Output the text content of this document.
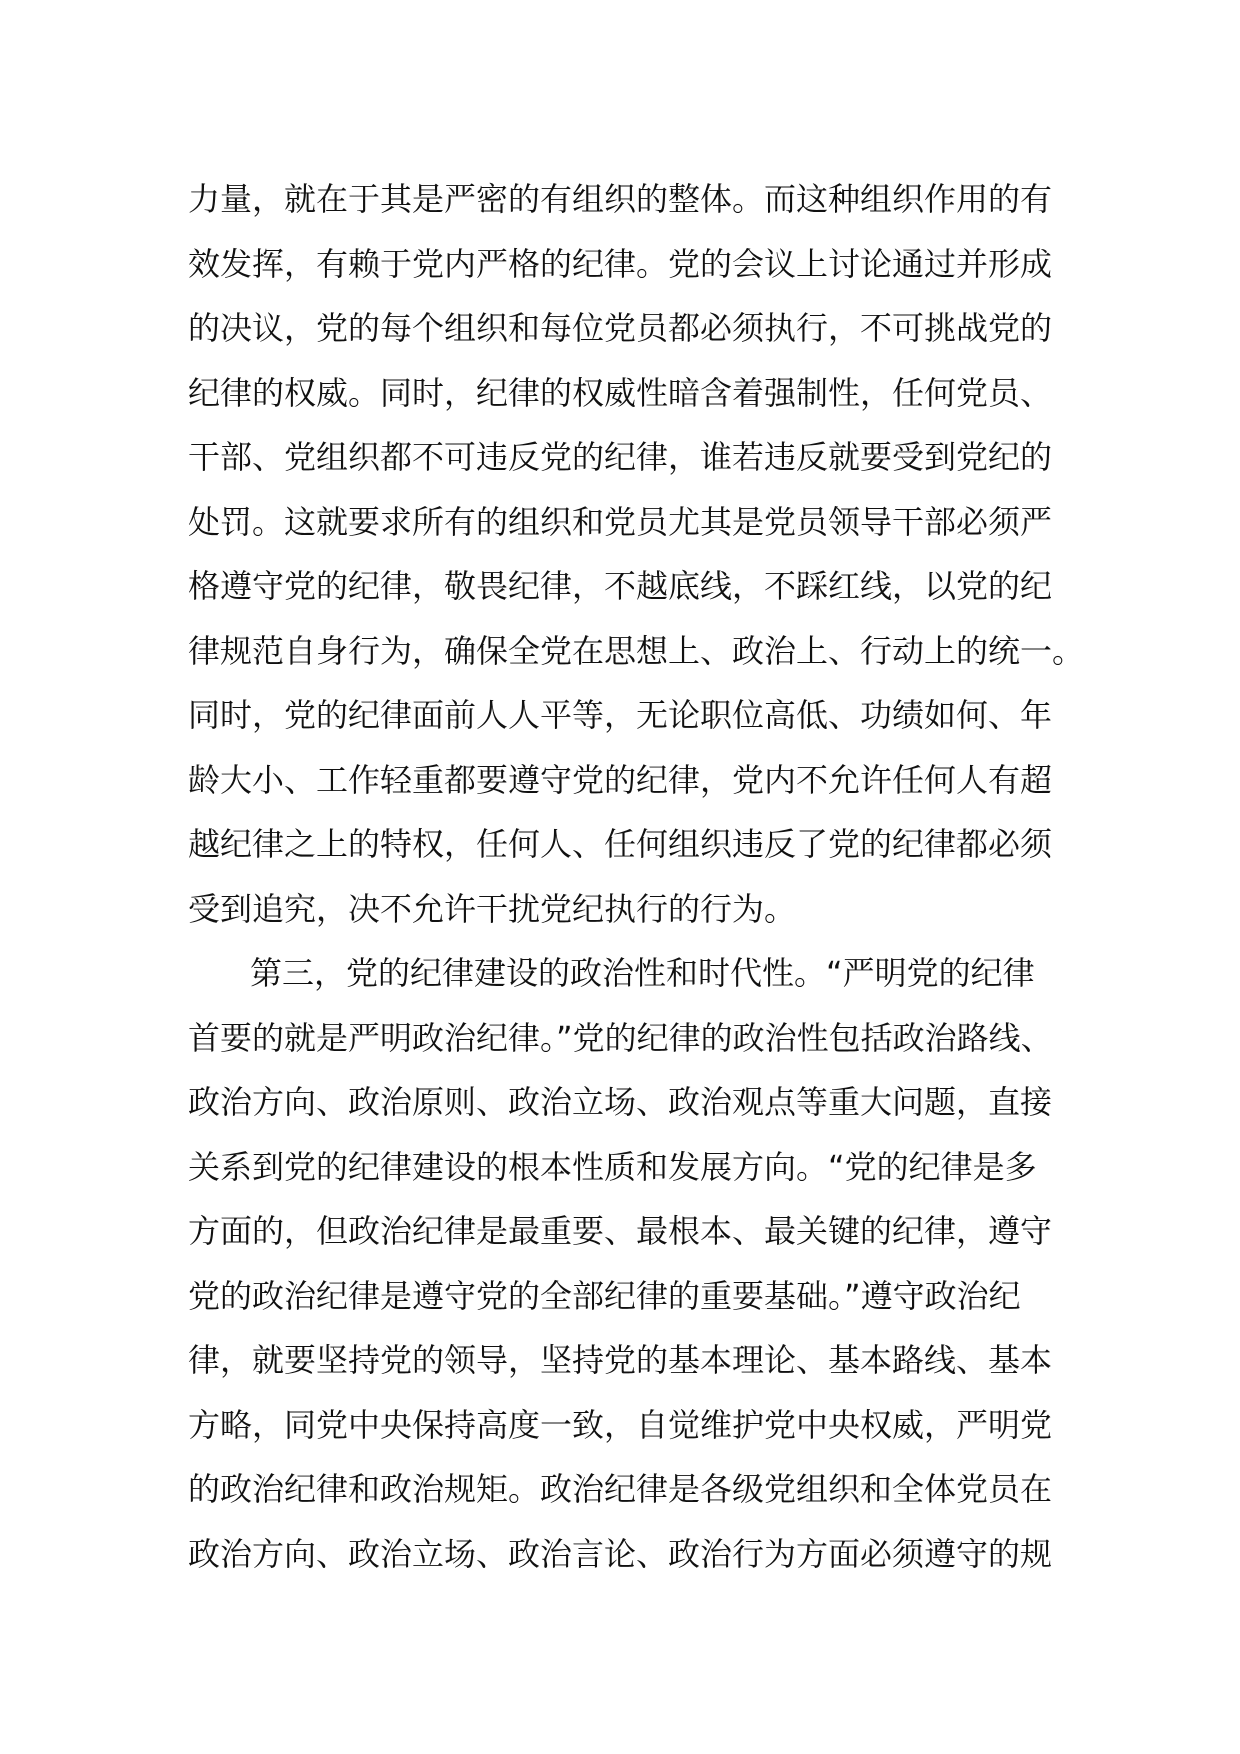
力量，就在于其是严密的有组织的整体。而这种组织作用的有
效发挥，有赖于党内严格的纪律。党的会议上讨论通过并形成
的决议，党的每个组织和每位党员都必须执行，不可挑战党的
纪律的权威。同时，纪律的权威性暗含着强制性，任何党员、
干部、党组织都不可违反党的纪律，谁若违反就要受到党纪的
处罚。这就要求所有的组织和党员尤其是党员领导干部必须严
格遵守党的纪律，敬畏纪律，不越底线，不踩红线，以党的纪
律规范自身行为，确保全党在思想上、政治上、行动上的统一。
同时，党的纪律面前人人平等，无论职位高低、功绩如何、年
龄大小、工作轻重都要遵守党的纪律，党内不允许任何人有超
越纪律之上的特权，任何人、任何组织违反了党的纪律都必须
受到追究，决不允许干扰党纪执行的行为。
第三，党的纪律建设的政治性和时代性。“严明党的纪律
首要的就是严明政治纪律。”党的纪律的政治性包括政治路线、
政治方向、政治原则、政治立场、政治观点等重大问题，直接
关系到党的纪律建设的根本性质和发展方向。“党的纪律是多
方面的，但政治纪律是最重要、最根本、最关键的纪律，遵守
党的政治纪律是遵守党的全部纪律的重要基础。”遵守政治纪
律，就要坚持党的领导，坚持党的基本理论、基本路线、基本
方略，同党中央保持高度一致，自觉维护党中央权威，严明党
的政治纪律和政治规矩。政治纪律是各级党组织和全体党员在
政治方向、政治立场、政治言论、政治行为方面必须遵守的规
